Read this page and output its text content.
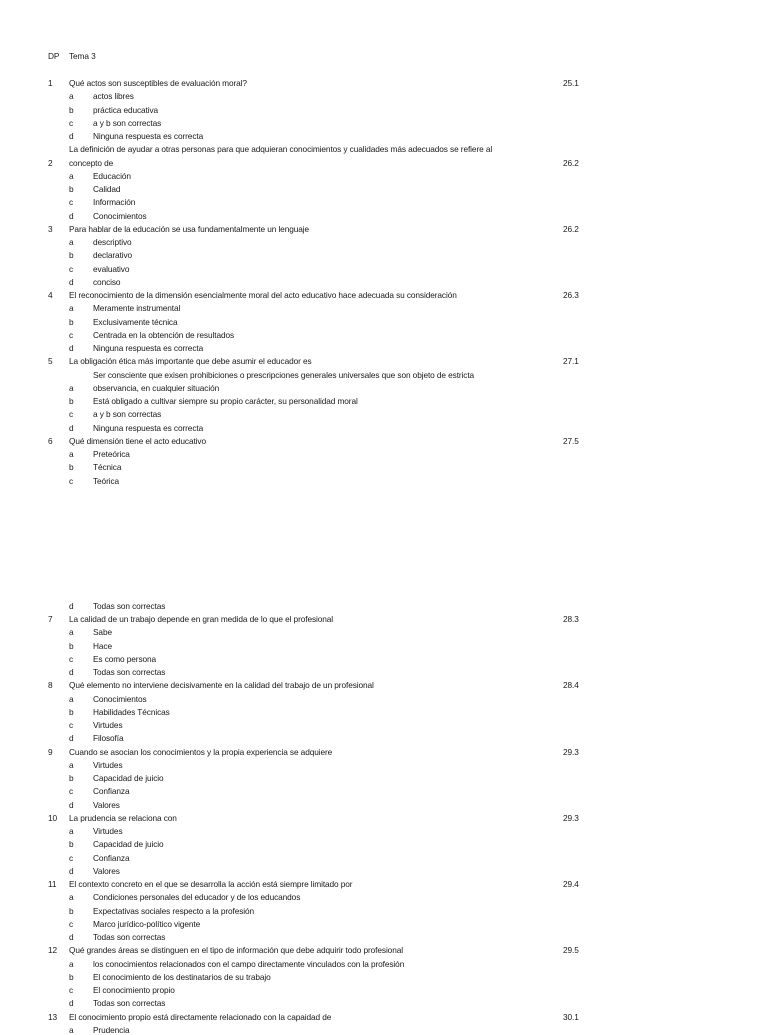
DP Tema 3
1 Qué actos son susceptibles de evaluación moral?	25.1
a actos libres
b práctica educativa
c a y b son correctas
d Ninguna respuesta es correcta
La definición de ayudar a otras personas para que adquieran conocimientos y cualidades más adecuados se refiere al
2 concepto de	26.2
a Educación
b Calidad
c Información
d Conocimientos
3 Para hablar de la educación se usa fundamentalmente un lenguaje	26.2
a descriptivo
b declarativo
c evaluativo
d conciso
4 El reconocimiento de la dimensión esencialmente moral del acto educativo hace adecuada su consideración	26.3
a Meramente instrumental
b Exclusivamente técnica
c Centrada en la obtención de resultados
d Ninguna respuesta es correcta
5 La obligación ética más importante que debe asumir el educador es	27.1
Ser consciente que exisen prohibiciones o prescripciones generales universales que son objeto de estricta
a observancia, en cualquier situación
b Está obligado a cultivar siempre su propio carácter, su personalidad moral
c a y b son correctas
d Ninguna respuesta es correcta
6 Qué dimensión tiene el acto educativo	27.5
a Preteórica
b Técnica
c Teórica
d Todas son correctas
7 La calidad de un trabajo depende en gran medida de lo que el profesional	28.3
a Sabe
b Hace
c Es como persona
d Todas son correctas
8 Qué elemento no interviene decisivamente en la calidad del trabajo de un profesional	28.4
a Conocimientos
b Habilidades Técnicas
c Virtudes
d Filosofía
9 Cuando se asocian los conocimientos y la propia experiencia se adquiere	29.3
a Virtudes
b Capacidad de juicio
c Confianza
d Valores
10 La prudencia se relaciona con	29.3
a Virtudes
b Capacidad de juicio
c Confianza
d Valores
11 El contexto concreto en el que se desarrolla la acción está siempre limitado por	29.4
a Condiciones personales del educador y de los educandos
b Expectativas sociales respecto a la profesión
c Marco jurídico-político vigente
d Todas son correctas
12 Qué grandes áreas se distinguen en el tipo de información que debe adquirir todo profesional	29.5
a los conocimientos relacionados con el campo directamente vinculados con la profesión
b El conocimiento de los destinatarios de su trabajo
c El conocimiento propio
d Todas son correctas
13 El conocimiento propio está directamente relacionado con la capaidad de	30.1
a Prudencia
